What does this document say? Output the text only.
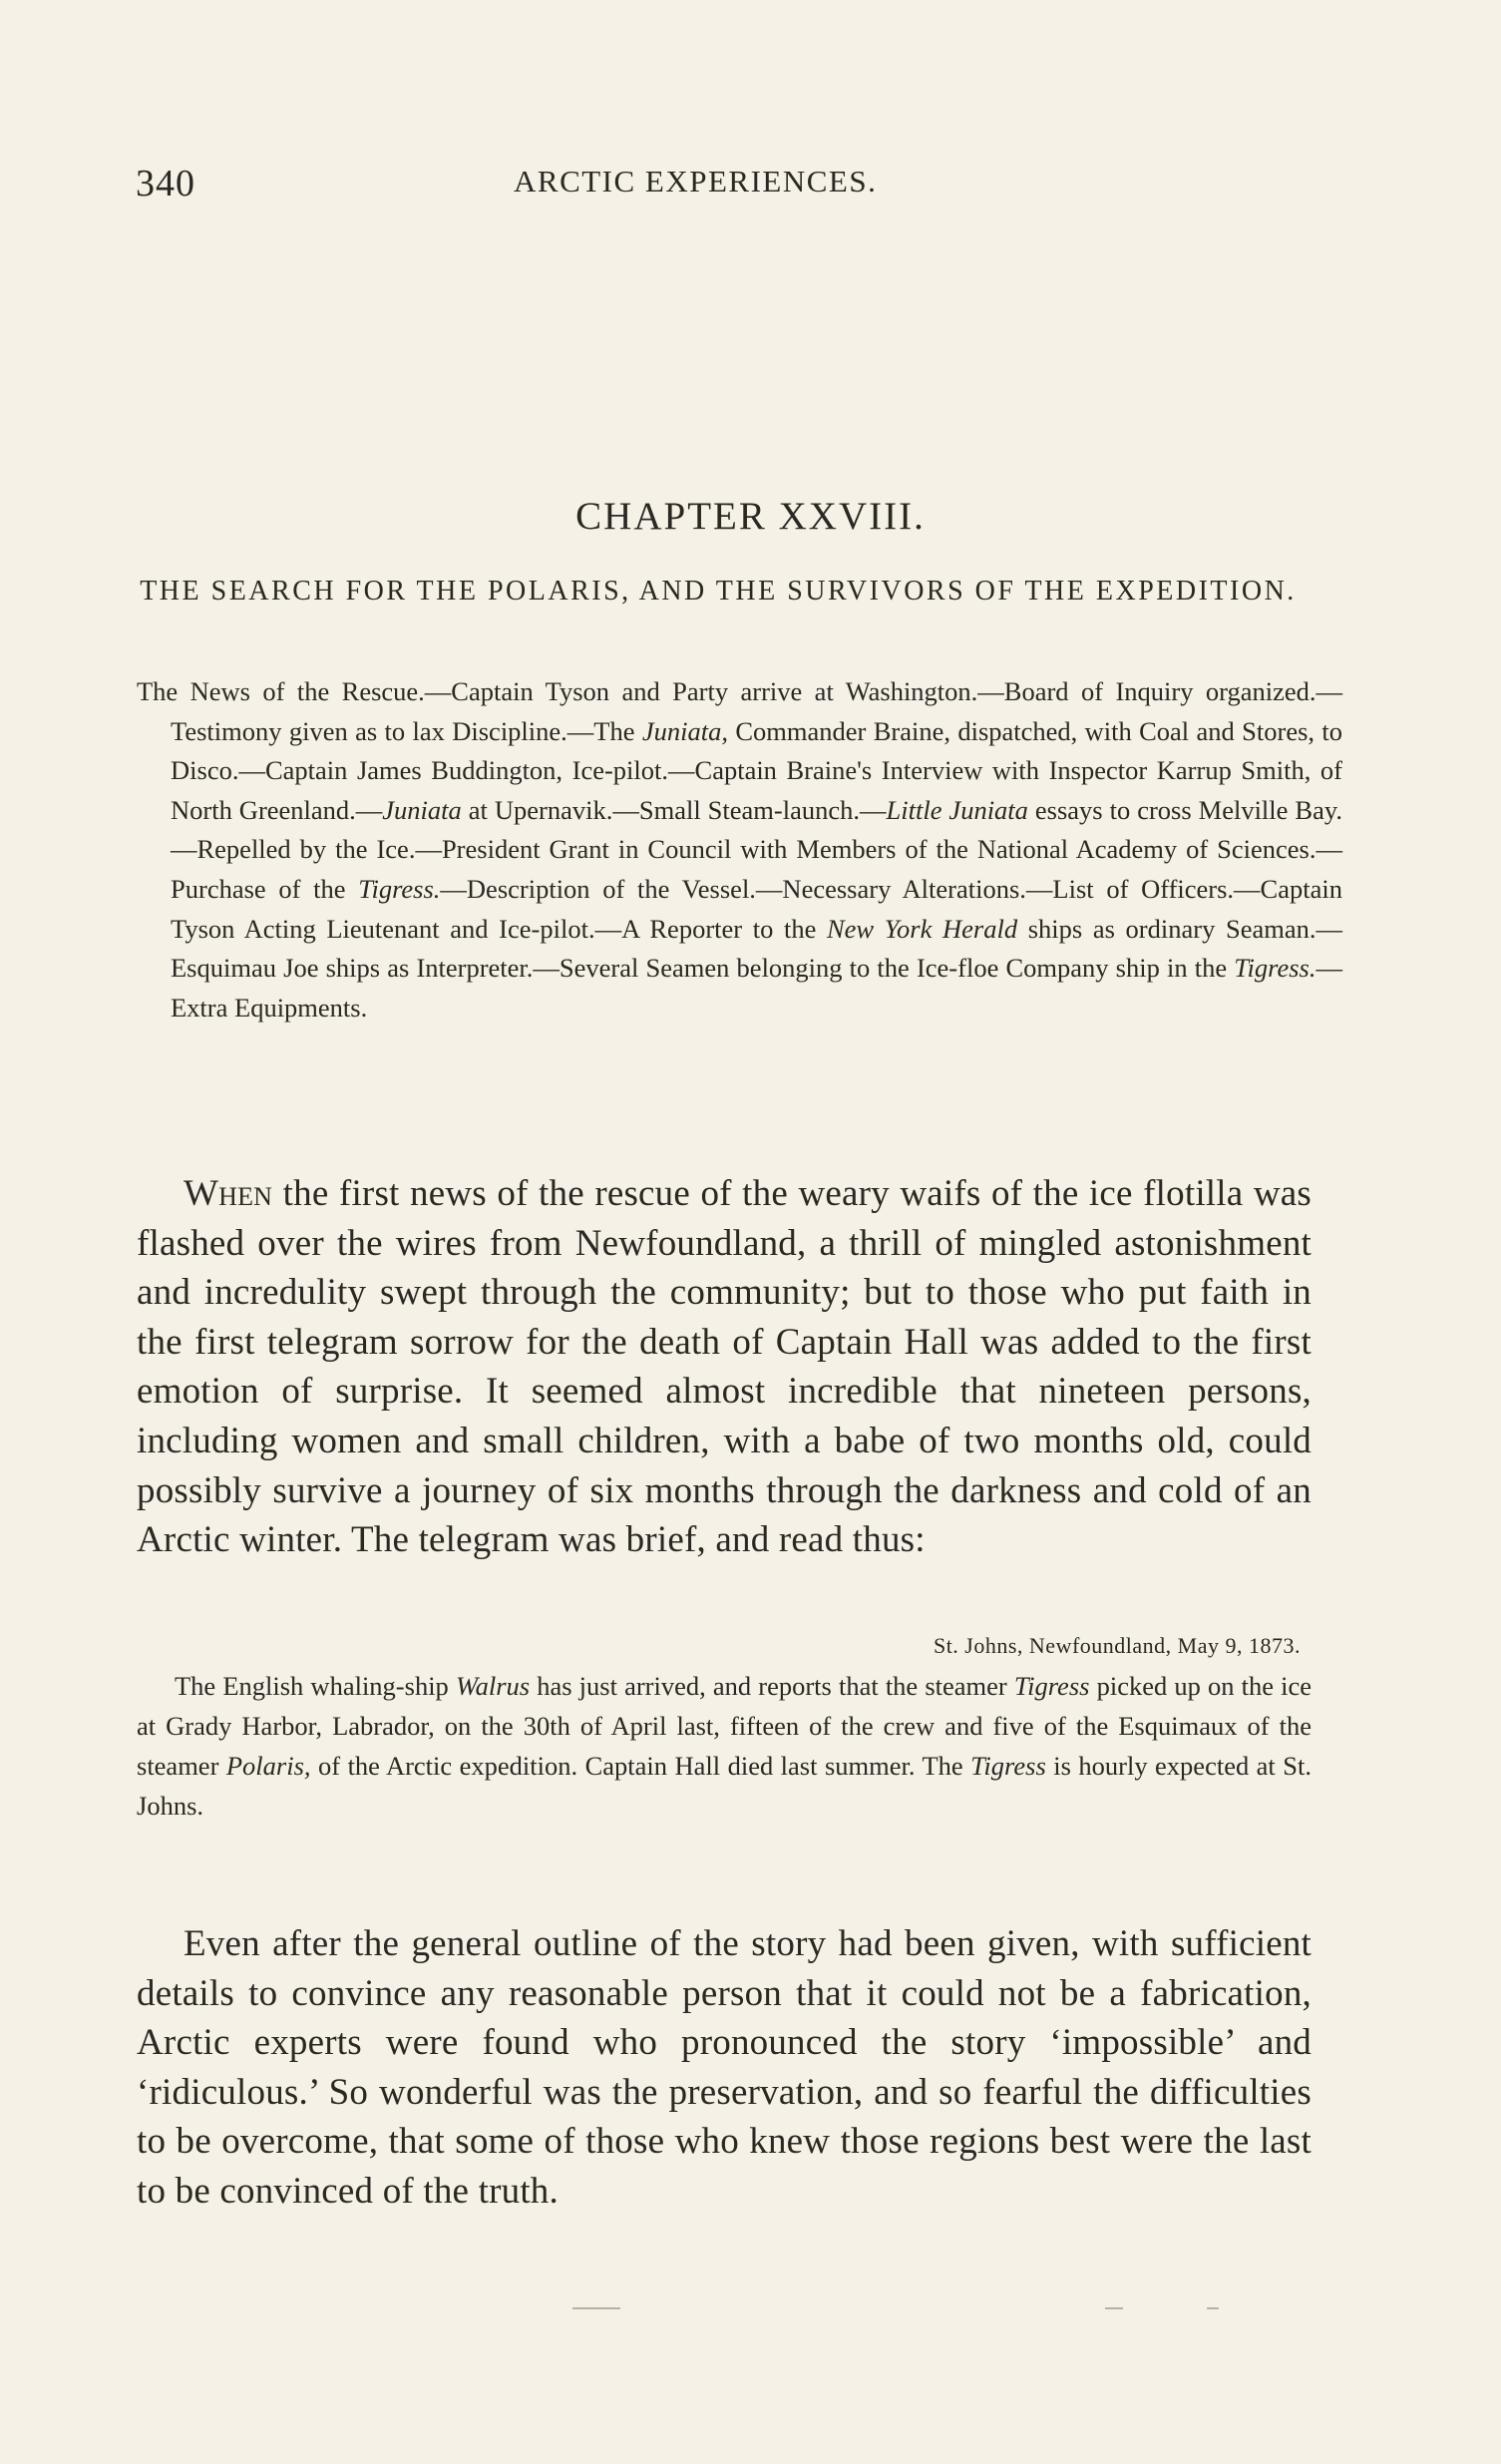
340	ARCTIC EXPERIENCES.
CHAPTER XXVIII.
THE SEARCH FOR THE POLARIS, AND THE SURVIVORS OF THE EXPEDITION.
The News of the Rescue.—Captain Tyson and Party arrive at Washington.—Board of Inquiry organized.—Testimony given as to lax Discipline.—The Juniata, Commander Braine, dispatched, with Coal and Stores, to Disco.—Captain James Buddington, Ice-pilot.—Captain Braine's Interview with Inspector Karrup Smith, of North Greenland.—Juniata at Upernavik.—Small Steam-launch.—Little Juniata essays to cross Melville Bay.—Repelled by the Ice.—President Grant in Council with Members of the National Academy of Sciences.—Purchase of the Tigress.—Description of the Vessel.—Necessary Alterations.—List of Officers.—Captain Tyson Acting Lieutenant and Ice-pilot.—A Reporter to the New York Herald ships as ordinary Seaman.—Esquimau Joe ships as Interpreter.—Several Seamen belonging to the Ice-floe Company ship in the Tigress.—Extra Equipments.

When the first news of the rescue of the weary waifs of the ice flotilla was flashed over the wires from Newfoundland, a thrill of mingled astonishment and incredulity swept through the community; but to those who put faith in the first telegram sorrow for the death of Captain Hall was added to the first emotion of surprise. It seemed almost incredible that nineteen persons, including women and small children, with a babe of two months old, could possibly survive a journey of six months through the darkness and cold of an Arctic winter. The telegram was brief, and read thus:

St. Johns, Newfoundland, May 9, 1873.
The English whaling-ship Walrus has just arrived, and reports that the steamer Tigress picked up on the ice at Grady Harbor, Labrador, on the 30th of April last, fifteen of the crew and five of the Esquimaux of the steamer Polaris, of the Arctic expedition. Captain Hall died last summer. The Tigress is hourly expected at St. Johns.

Even after the general outline of the story had been given, with sufficient details to convince any reasonable person that it could not be a fabrication, Arctic experts were found who pronounced the story ‘impossible’ and ‘ridiculous.’ So wonderful was the preservation, and so fearful the difficulties to be overcome, that some of those who knew those regions best were the last to be convinced of the truth.
